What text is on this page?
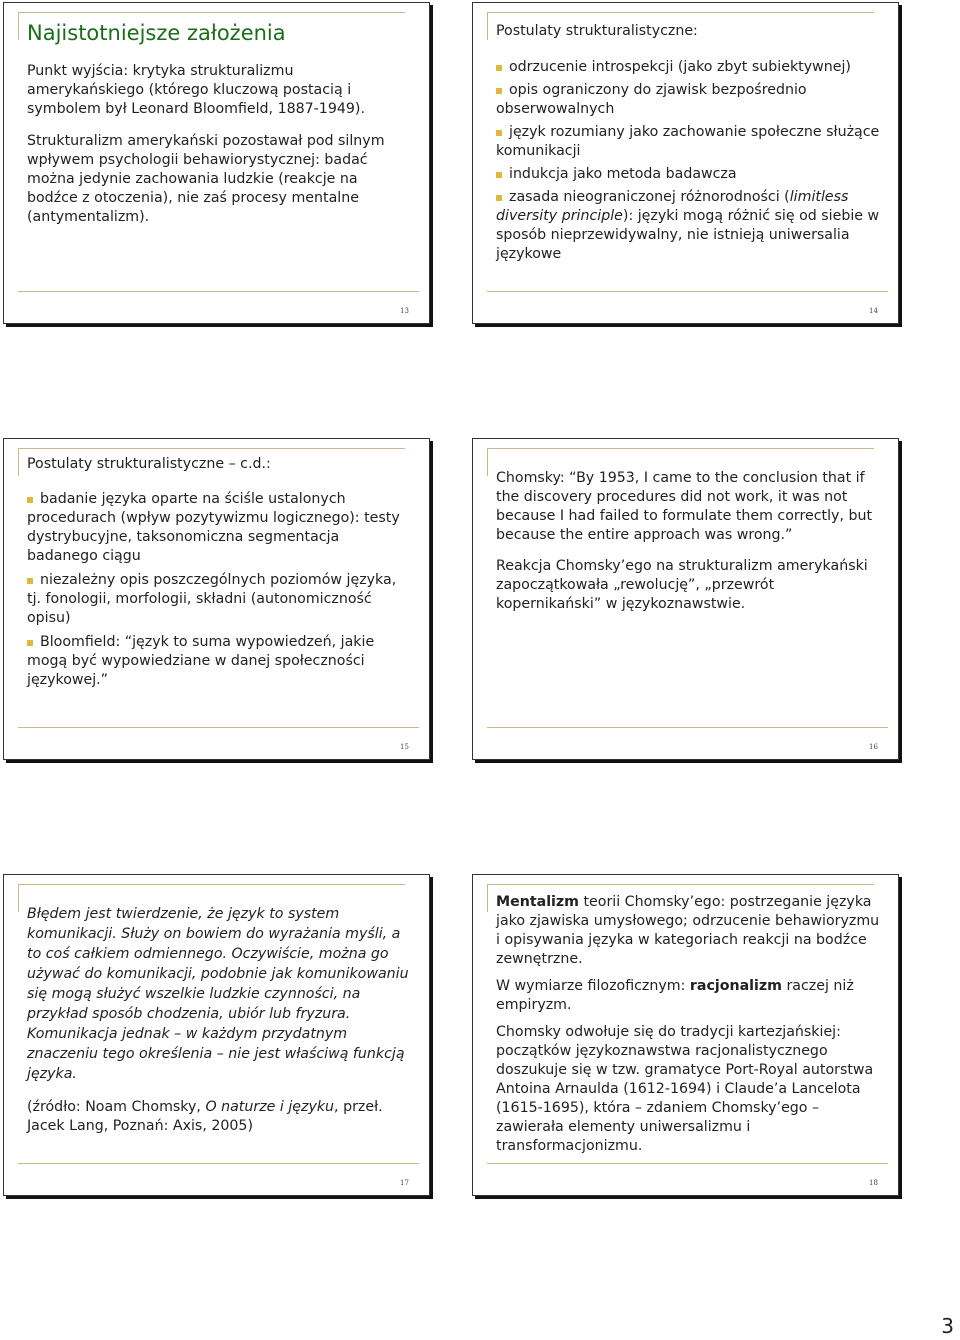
Najistotniejsze założenia

Punkt wyjścia: krytyka strukturalizmu amerykańskiego (którego kluczową postacią i symbolem był Leonard Bloomfield, 1887-1949).

Strukturalizm amerykański pozostawał pod silnym wpływem psychologii behawiorystycznej: badać można jedynie zachowania ludzkie (reakcje na bodźce z otoczenia), nie zaś procesy mentalne (antymentalizm).

13

Postulaty strukturalistyczne:

odrzucenie introspekcji (jako zbyt subiektywnej)

opis ograniczony do zjawisk bezpośrednio obserwowalnych

język rozumiany jako zachowanie społeczne służące komunikacji

indukcja jako metoda badawcza

zasada nieograniczonej różnorodności (limitless diversity principle): języki mogą różnić się od siebie w sposób nieprzewidywalny, nie istnieją uniwersalia językowe

14

Postulaty strukturalistyczne – c.d.:

badanie języka oparte na ściśle ustalonych procedurach (wpływ pozytywizmu logicznego): testy dystrybucyjne, taksonomiczna segmentacja badanego ciągu

niezależny opis poszczególnych poziomów języka, tj. fonologii, morfologii, składni (autonomiczność opisu)

Bloomfield: “język to suma wypowiedzeń, jakie mogą być wypowiedziane w danej społeczności językowej.”

15

Chomsky: “By 1953, I came to the conclusion that if the discovery procedures did not work, it was not because I had failed to formulate them correctly, but because the entire approach was wrong.”

Reakcja Chomsky’ego na strukturalizm amerykański zapoczątkowała „rewolucję”, „przewrót kopernikański” w językoznawstwie.

16

Błędem jest twierdzenie, że język to system komunikacji. Służy on bowiem do wyrażania myśli, a to coś całkiem odmiennego. Oczywiście, można go używać do komunikacji, podobnie jak komunikowaniu się mogą służyć wszelkie ludzkie czynności, na przykład sposób chodzenia, ubiór lub fryzura. Komunikacja jednak – w każdym przydatnym znaczeniu tego określenia – nie jest właściwą funkcją języka.

(źródło: Noam Chomsky, O naturze i języku, przeł. Jacek Lang, Poznań: Axis, 2005)

17

Mentalizm teorii Chomsky’ego: postrzeganie języka jako zjawiska umysłowego; odrzucenie behawioryzmu i opisywania języka w kategoriach reakcji na bodźce zewnętrzne.

W wymiarze filozoficznym: racjonalizm raczej niż empiryzm.

Chomsky odwołuje się do tradycji kartezjańskiej: początków językoznawstwa racjonalistycznego doszukuje się w tzw. gramatyce Port-Royal autorstwa Antoina Arnaulda (1612-1694) i Claude’a Lancelota (1615-1695), która – zdaniem Chomsky’ego – zawierała elementy uniwersalizmu i transformacjonizmu.

18
3
